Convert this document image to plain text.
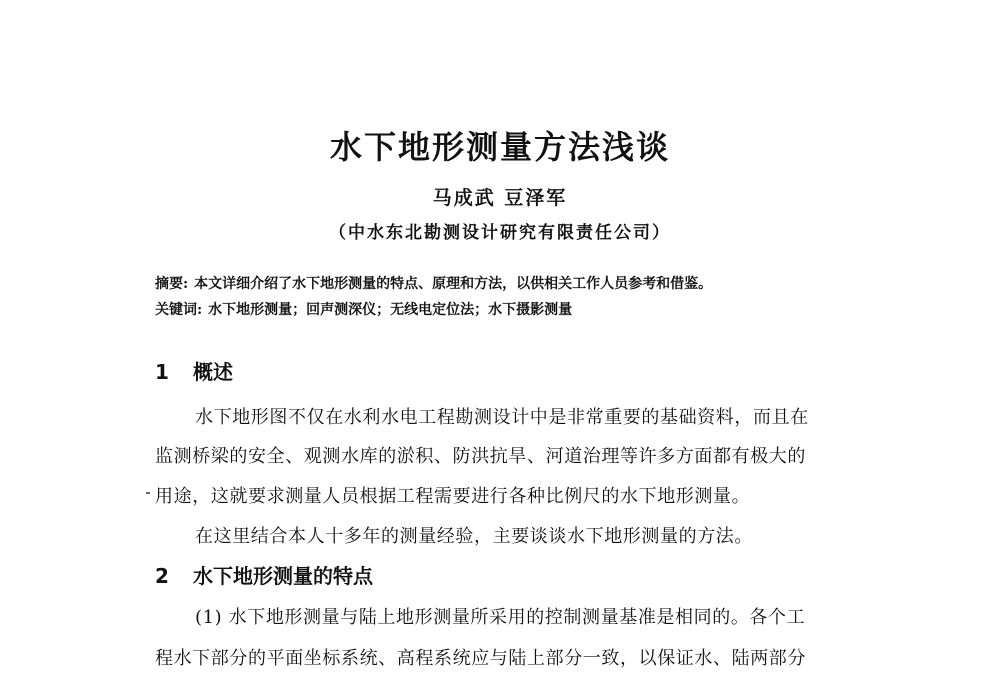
水下地形测量方法浅谈
马成武 豆泽军
（中水东北勘测设计研究有限责任公司）
摘要: 本文详细介绍了水下地形测量的特点、原理和方法，以供相关工作人员参考和借鉴。
关键词: 水下地形测量；回声测深仪；无线电定位法；水下摄影测量
1 概述
水下地形图不仅在水利水电工程勘测设计中是非常重要的基础资料，而且在
监测桥梁的安全、观测水库的淤积、防洪抗旱、河道治理等许多方面都有极大的
用途，这就要求测量人员根据工程需要进行各种比例尺的水下地形测量。
在这里结合本人十多年的测量经验，主要谈谈水下地形测量的方法。
2 水下地形测量的特点
(1) 水下地形测量与陆上地形测量所采用的控制测量基准是相同的。各个工
程水下部分的平面坐标系统、高程系统应与陆上部分一致，以保证水、陆两部分
